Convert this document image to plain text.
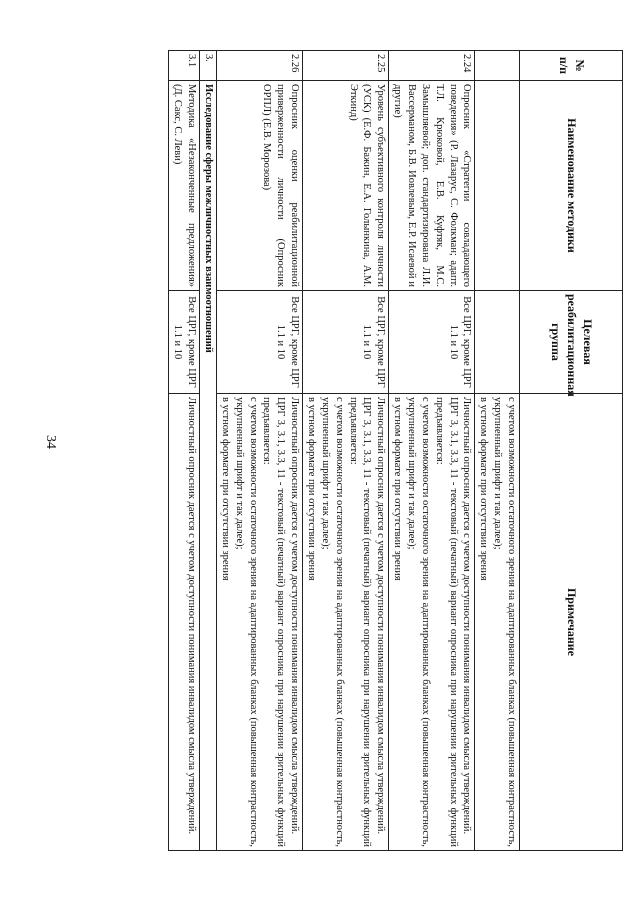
34
№ п/п	Наименование методики	Целевая реабилитационная группа	Примечание

			с учетом возможности остаточного зрения на адаптированных бланках (повышенная контрастность, укрупненный шрифт и так далее);
в устном формате при отсутствии зрения

2.24	Опросник «Стратегии совладающего поведения» (Р. Лазарус, С. Фолкман; адапт. Т.Л. Крюковой, Е.В. Куфтяк, М.С. Замышляевой; доп. стандартизирована Л.И. Вассерманом, Б.В. Иовлевым, Е.Р. Исаевой и другие)	Все ЦРГ, кроме ЦРГ 1.1 и 10	Личностный опросник дается с учетом доступности понимания инвалидом смысла утверждений.
ЦРГ 3, 3.1, 3.3, 11 - текстовый (печатный) вариант опросника при нарушении зрительных функций предъявляется:
с учетом возможности остаточного зрения на адаптированных бланках (повышенная контрастность, укрупненный шрифт и так далее);
в устном формате при отсутствии зрения

2.25	Уровень субъективного контроля личности (УСК) (Е.Ф. Бажин, Е.А. Голынкина, А.М. Эткинд)	Все ЦРГ, кроме ЦРГ 1.1 и 10	Личностный опросник дается с учетом доступности понимания инвалидом смысла утверждений.
ЦРГ 3, 3.1, 3.3, 11 - текстовый (печатный) вариант опросника при нарушении зрительных функций предъявляется:
с учетом возможности остаточного зрения на адаптированных бланках (повышенная контрастность, укрупненный шрифт и так далее);
в устном формате при отсутствии зрения

2.26	Опросник оценки реабилитационной приверженности личности (Опросник ОРПЛ) (Е.В. Морозова)	Все ЦРГ, кроме ЦРГ 1.1 и 10	Личностный опросник дается с учетом доступности понимания инвалидом смысла утверждений.
ЦРГ 3, 3.1, 3.3, 11 - текстовый (печатный) вариант опросника при нарушении зрительных функций предъявляется:
с учетом возможности остаточного зрения на адаптированных бланках (повышенная контрастность, укрупненный шрифт и так далее);
в устном формате при отсутствии зрения

3.	Исследование сферы межличностных взаимоотношений		
3.1	Методика «Незаконченные предложения» (Д. Сакс, С. Леви)	Все ЦРГ, кроме ЦРГ 1.1 и 10	Личностный опросник дается с учетом доступности понимания инвалидом смысла утверждений.
